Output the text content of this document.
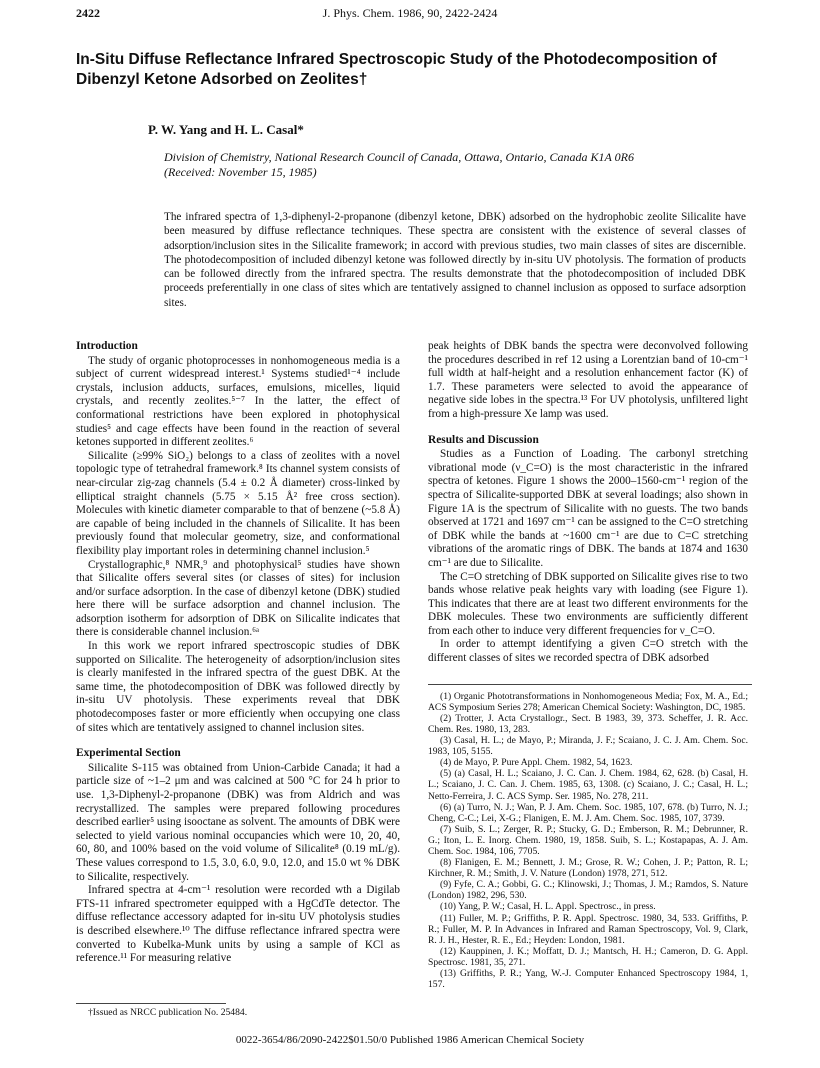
2422	J. Phys. Chem. 1986, 90, 2422-2424
In-Situ Diffuse Reflectance Infrared Spectroscopic Study of the Photodecomposition of Dibenzyl Ketone Adsorbed on Zeolites†
P. W. Yang and H. L. Casal*
Division of Chemistry, National Research Council of Canada, Ottawa, Ontario, Canada K1A 0R6
(Received: November 15, 1985)
The infrared spectra of 1,3-diphenyl-2-propanone (dibenzyl ketone, DBK) adsorbed on the hydrophobic zeolite Silicalite have been measured by diffuse reflectance techniques. These spectra are consistent with the existence of several classes of adsorption/inclusion sites in the Silicalite framework; in accord with previous studies, two main classes of sites are discernible. The photodecomposition of included dibenzyl ketone was followed directly by in-situ UV photolysis. The formation of products can be followed directly from the infrared spectra. The results demonstrate that the photodecomposition of included DBK proceeds preferentially in one class of sites which are tentatively assigned to channel inclusion as opposed to surface adsorption sites.
Introduction

The study of organic photoprocesses in nonhomogeneous media is a subject of current widespread interest.¹ Systems studied¹⁻⁴ include crystals, inclusion adducts, surfaces, emulsions, micelles, liquid crystals, and recently zeolites.⁵⁻⁷ In the latter, the effect of conformational restrictions have been explored in photophysical studies⁵ and cage effects have been found in the reaction of several ketones supported in different zeolites.⁶

Silicalite (≥99% SiO₂) belongs to a class of zeolites with a novel topologic type of tetrahedral framework.⁸ Its channel system consists of near-circular zig-zag channels (5.4 ± 0.2 Å diameter) cross-linked by elliptical straight channels (5.75 × 5.15 Å² free cross section). Molecules with kinetic diameter comparable to that of benzene (~5.8 Å) are capable of being included in the channels of Silicalite. It has been previously found that molecular geometry, size, and conformational flexibility play important roles in determining channel inclusion.⁵

Crystallographic,⁸ NMR,⁹ and photophysical⁵ studies have shown that Silicalite offers several sites (or classes of sites) for inclusion and/or surface adsorption. In the case of dibenzyl ketone (DBK) studied here there will be surface adsorption and channel inclusion. The adsorption isotherm for adsorption of DBK on Silicalite indicates that there is considerable channel inclusion.⁶ᵃ

In this work we report infrared spectroscopic studies of DBK supported on Silicalite. The heterogeneity of adsorption/inclusion sites is clearly manifested in the infrared spectra of the guest DBK. At the same time, the photodecomposition of DBK was followed directly by in-situ UV photolysis. These experiments reveal that DBK photodecomposes faster or more efficiently when occupying one class of sites which are tentatively assigned to channel inclusion sites.

Experimental Section

Silicalite S-115 was obtained from Union-Carbide Canada; it had a particle size of ~1–2 μm and was calcined at 500 °C for 24 h prior to use. 1,3-Diphenyl-2-propanone (DBK) was from Aldrich and was recrystallized. The samples were prepared following procedures described earlier⁵ using isooctane as solvent. The amounts of DBK were selected to yield various nominal occupancies which were 10, 20, 40, 60, 80, and 100% based on the void volume of Silicalite⁸ (0.19 mL/g). These values correspond to 1.5, 3.0, 6.0, 9.0, 12.0, and 15.0 wt % DBK to Silicalite, respectively.

Infrared spectra at 4-cm⁻¹ resolution were recorded wth a Digilab FTS-11 infrared spectrometer equipped with a HgCdTe detector. The diffuse reflectance accessory adapted for in-situ UV photolysis studies is described elsewhere.¹⁰ The diffuse reflectance infrared spectra were converted to Kubelka-Munk units by using a sample of KCl as reference.¹¹ For measuring relative

peak heights of DBK bands the spectra were deconvolved following the procedures described in ref 12 using a Lorentzian band of 10-cm⁻¹ full width at half-height and a resolution enhancement factor (K) of 1.7. These parameters were selected to avoid the appearance of negative side lobes in the spectra.¹³ For UV photolysis, unfiltered light from a high-pressure Xe lamp was used.

Results and Discussion

Studies as a Function of Loading. The carbonyl stretching vibrational mode (ν_C=O) is the most characteristic in the infrared spectra of ketones. Figure 1 shows the 2000–1560-cm⁻¹ region of the spectra of Silicalite-supported DBK at several loadings; also shown in Figure 1A is the spectrum of Silicalite with no guests. The two bands observed at 1721 and 1697 cm⁻¹ can be assigned to the C=O stretching of DBK while the bands at ~1600 cm⁻¹ are due to C=C stretching vibrations of the aromatic rings of DBK. The bands at 1874 and 1630 cm⁻¹ are due to Silicalite.

The C=O stretching of DBK supported on Silicalite gives rise to two bands whose relative peak heights vary with loading (see Figure 1). This indicates that there are at least two different environments for the DBK molecules. These two environments are sufficiently different from each other to induce very different frequencies for ν_C=O.

In order to attempt identifying a given C=O stretch with the different classes of sites we recorded spectra of DBK adsorbed

(1) Organic Phototransformations in Nonhomogeneous Media; Fox, M. A., Ed.; ACS Symposium Series 278; American Chemical Society: Washington, DC, 1985.
(2) Trotter, J. Acta Crystallogr., Sect. B 1983, 39, 373. Scheffer, J. R. Acc. Chem. Res. 1980, 13, 283.
(3) Casal, H. L.; de Mayo, P.; Miranda, J. F.; Scaiano, J. C. J. Am. Chem. Soc. 1983, 105, 5155.
(4) de Mayo, P. Pure Appl. Chem. 1982, 54, 1623.
(5) (a) Casal, H. L.; Scaiano, J. C. Can. J. Chem. 1984, 62, 628. (b) Casal, H. L.; Scaiano, J. C. Can. J. Chem. 1985, 63, 1308. (c) Scaiano, J. C.; Casal, H. L.; Netto-Ferreira, J. C. ACS Symp. Ser. 1985, No. 278, 211.
(6) (a) Turro, N. J.; Wan, P. J. Am. Chem. Soc. 1985, 107, 678. (b) Turro, N. J.; Cheng, C-C.; Lei, X-G.; Flanigen, E. M. J. Am. Chem. Soc. 1985, 107, 3739.
(7) Suib, S. L.; Zerger, R. P.; Stucky, G. D.; Emberson, R. M.; Debrunner, R. G.; Iton, L. E. Inorg. Chem. 1980, 19, 1858. Suib, S. L.; Kostapapas, A. J. Am. Chem. Soc. 1984, 106, 7705.
(8) Flanigen, E. M.; Bennett, J. M.; Grose, R. W.; Cohen, J. P.; Patton, R. L; Kirchner, R. M.; Smith, J. V. Nature (London) 1978, 271, 512.
(9) Fyfe, C. A.; Gobbi, G. C.; Klinowski, J.; Thomas, J. M.; Ramdos, S. Nature (London) 1982, 296, 530.
(10) Yang, P. W.; Casal, H. L. Appl. Spectrosc., in press.
(11) Fuller, M. P.; Griffiths, P. R. Appl. Spectrosc. 1980, 34, 533. Griffiths, P. R.; Fuller, M. P. In Advances in Infrared and Raman Spectroscopy, Vol. 9, Clark, R. J. H., Hester, R. E., Ed.; Heyden: London, 1981.
(12) Kauppinen, J. K.; Moffatt, D. J.; Mantsch, H. H.; Cameron, D. G. Appl. Spectrosc. 1981, 35, 271.
(13) Griffiths, P. R.; Yang, W.-J. Computer Enhanced Spectroscopy 1984, 1, 157.
†Issued as NRCC publication No. 25484.
0022-3654/86/2090-2422$01.50/0 Published 1986 American Chemical Society
